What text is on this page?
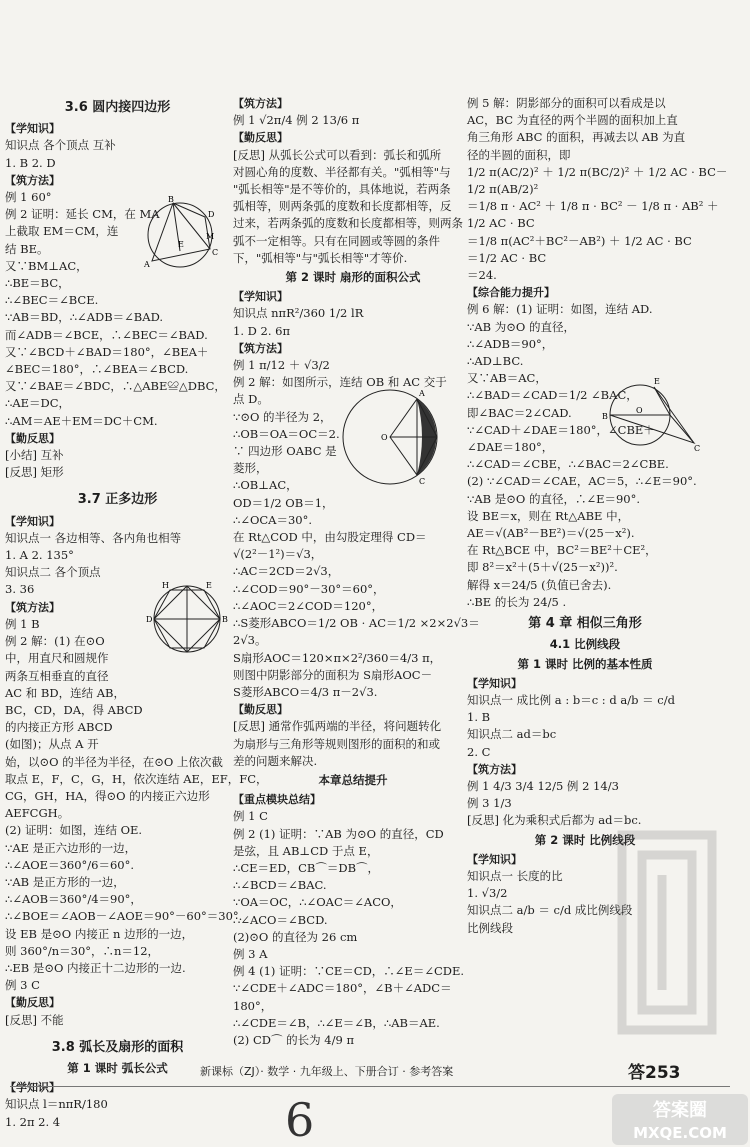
3.6 圆内接四边形
【学知识】
知识点 各个顶点 互补
1. B 2. D
【筑方法】
例 1 60°
例 2 证明：延长 CM，在 MA
上截取 EM＝CM，连
结 BE。
又∵BM⊥AC，
∴BE＝BC，
∴∠BEC＝∠BCE.
∵AB＝BD，∴∠ADB＝∠BAD.
而∠ADB＝∠BCE，∴∠BEC＝∠BAD.
又∵∠BCD＋∠BAD＝180°，∠BEA＋
∠BEC＝180°，∴∠BEA＝∠BCD.
又∵∠BAE＝∠BDC，∴△ABE≌△DBC，
∴AE＝DC，
∴AM＝AE＋EM＝DC＋CM.
【勤反思】
[小结] 互补
[反思] 矩形
3.7 正多边形
【学知识】
知识点一 各边相等、各内角也相等
1. A 2. 135°
知识点二 各个顶点
3. 36
【筑方法】
例 1 B
例 2 解：(1) 在⊙O
中，用直尺和圆规作
两条互相垂直的直径
AC 和 BD，连结 AB，
BC，CD，DA，得 ABCD
的内接正方形 ABCD
(如图)；从点 A 开
始，以⊙O 的半径为半径，在⊙O 上依次截
取点 E，F，C，G，H，依次连结 AE，EF，FC，
CG，GH，HA，得⊙O 的内接正六边形
AEFCGH。
(2) 证明：如图，连结 OE.
∵AE 是正六边形的一边，
∴∠AOE＝360°/6＝60°.
∵AB 是正方形的一边，
∴∠AOB＝360°/4＝90°，
∴∠BOE＝∠AOB－∠AOE＝90°－60°＝30°.
设 EB 是⊙O 内接正 n 边形的一边，
则 360°/n＝30°，∴n＝12，
∴EB 是⊙O 内接正十二边形的一边.
例 3 C
【勤反思】
[反思] 不能
3.8 弧长及扇形的面积
第 1 课时 弧长公式
【学知识】
知识点 l＝nπR/180
1. 2π 2. 4
【筑方法】
例 1 √2π/4 例 2 13/6 π
【勤反思】
[反思] 从弧长公式可以看到：弧长和弧所
对圆心角的度数、半径都有关。"弧相等"与
"弧长相等"是不等价的，具体地说，若两条
弧相等，则两条弧的度数和长度都相等，反
过来，若两条弧的度数和长度都相等，则两条
弧不一定相等。只有在同圆或等圆的条件
下，"弧相等"与"弧长相等"才等价.
第 2 课时 扇形的面积公式
【学知识】
知识点 nπR²/360 1/2 lR
1. D 2. 6π
【筑方法】
例 1 π/12 ＋ √3/2
例 2 解：如图所示，连结 OB 和 AC 交于
点 D。
∵⊙O 的半径为 2，
∴OB＝OA＝OC＝2.
∵ 四边形 OABC 是
菱形，
∴OB⊥AC，
OD＝1/2 OB＝1，
∴∠OCA＝30°.
在 Rt△COD 中，由勾股定理得 CD＝
√(2²－1²)＝√3，
∴AC＝2CD＝2√3，
∴∠COD＝90°－30°＝60°，
∴∠AOC＝2∠COD＝120°，
∴S菱形ABCO＝1/2 OB · AC＝1/2 ×2×2√3＝
2√3。
S扇形AOC＝120×π×2²/360＝4/3 π，
则图中阴影部分的面积为 S扇形AOC－
S菱形ABCO＝4/3 π－2√3.
【勤反思】
[反思] 通常作弧两端的半径，将问题转化
为扇形与三角形等规则图形的面积的和或
差的问题来解决.
本章总结提升
【重点模块总结】
例 1 C
例 2 (1) 证明：∵AB 为⊙O 的直径，CD
是弦，且 AB⊥CD 于点 E，
∴CE＝ED，CB⌒＝DB⌒，
∴∠BCD＝∠BAC.
∵OA＝OC，∴∠OAC＝∠ACO，
∴∠ACO＝∠BCD.
(2)⊙O 的直径为 26 cm
例 3 A
例 4 (1) 证明：∵CE＝CD，∴∠E＝∠CDE.
∵∠CDE＋∠ADC＝180°，∠B＋∠ADC＝
180°，
∴∠CDE＝∠B，∴∠E＝∠B，∴AB＝AE.
(2) CD⌒ 的长为 4/9 π
例 5 解：阴影部分的面积可以看成是以
AC，BC 为直径的两个半圆的面积加上直
角三角形 ABC 的面积，再减去以 AB 为直
径的半圆的面积，即
1/2 π(AC/2)² ＋ 1/2 π(BC/2)² ＋ 1/2 AC · BC－
1/2 π(AB/2)²
＝1/8 π · AC² ＋ 1/8 π · BC² － 1/8 π · AB² ＋
1/2 AC · BC
＝1/8 π(AC²＋BC²－AB²) ＋ 1/2 AC · BC
＝1/2 AC · BC
＝24.
【综合能力提升】
例 6 解：(1) 证明：如图，连结 AD.
∵AB 为⊙O 的直径，
∴∠ADB＝90°，
∴AD⊥BC.
又∵AB＝AC，
∴∠BAD＝∠CAD＝1/2 ∠BAC，
即∠BAC＝2∠CAD.
∵∠CAD＋∠DAE＝180°，∠CBE＋
∠DAE＝180°，
∴∠CAD＝∠CBE，∴∠BAC＝2∠CBE.
(2) ∵∠CAD＝∠CAE，AC＝5，∴∠E＝90°.
∵AB 是⊙O 的直径，∴∠E＝90°.
设 BE＝x，则在 Rt△ABE 中，
AE＝√(AB²－BE²)＝√(25－x²).
在 Rt△BCE 中，BC²＝BE²＋CE²，
即 8²＝x²＋(5＋√(25－x²))².
解得 x＝24/5 (负值已舍去).
∴BE 的长为 24/5 .
第 4 章 相似三角形
4.1 比例线段
第 1 课时 比例的基本性质
【学知识】
知识点一 成比例 a : b＝c : d a/b ＝ c/d
1. B
知识点二 ad＝bc
2. C
【筑方法】
例 1 4/3 3/4 12/5 例 2 14/3
例 3 1/3
[反思] 化为乘积式后都为 ad＝bc.
第 2 课时 比例线段
【学知识】
知识点一 长度的比
1. √3/2
知识点二 a/b ＝ c/d 成比例线段
比例线段
B
A
C
D
E
M
H	E
D	B
O
A
C
B
O
E
C
新课标（ZJ）· 数学 · 九年级上、下册合订 · 参考答案	答253
6	答案圈
MXQE.COM
